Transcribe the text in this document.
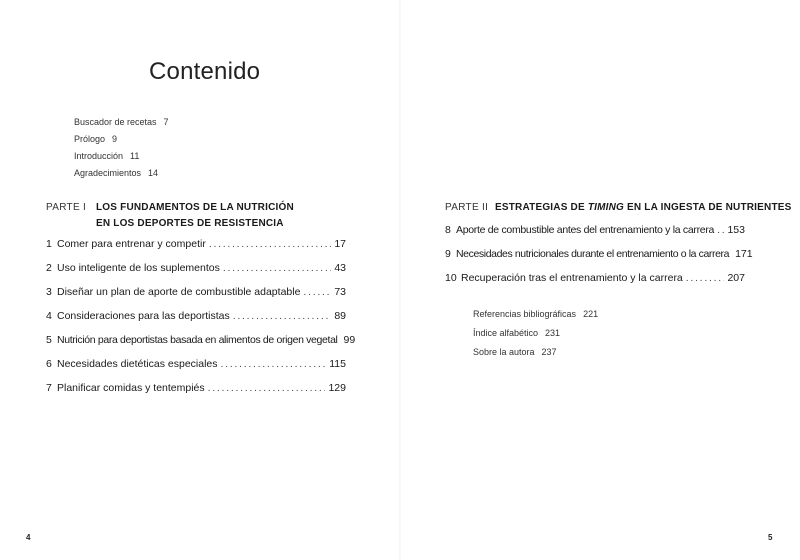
Contenido
Buscador de recetas 7
Prólogo 9
Introducción 11
Agradecimientos 14
PARTE I LOS FUNDAMENTOS DE LA NUTRICIÓN
EN LOS DEPORTES DE RESISTENCIA
1 Comer para entrenar y competir . . .	17
2 Uso inteligente de los suplementos . . .	43
3 Diseñar un plan de aporte de combustible adaptable . . .	73
4 Consideraciones para las deportistas . . .	89
5 Nutrición para deportistas basada en alimentos de origen vegetal 99
6 Necesidades dietéticas especiales . . .	115
7 Planificar comidas y tentempiés . . .	129
PARTE II ESTRATEGIAS DE TIMING EN LA INGESTA DE NUTRIENTES
8 Aporte de combustible antes del entrenamiento y la carrera . . . 153
9 Necesidades nutricionales durante el entrenamiento o la carrera 171
10 Recuperación tras el entrenamiento y la carrera . . .	207
Referencias bibliográficas 221
Índice alfabético 231
Sobre la autora 237
4	5
